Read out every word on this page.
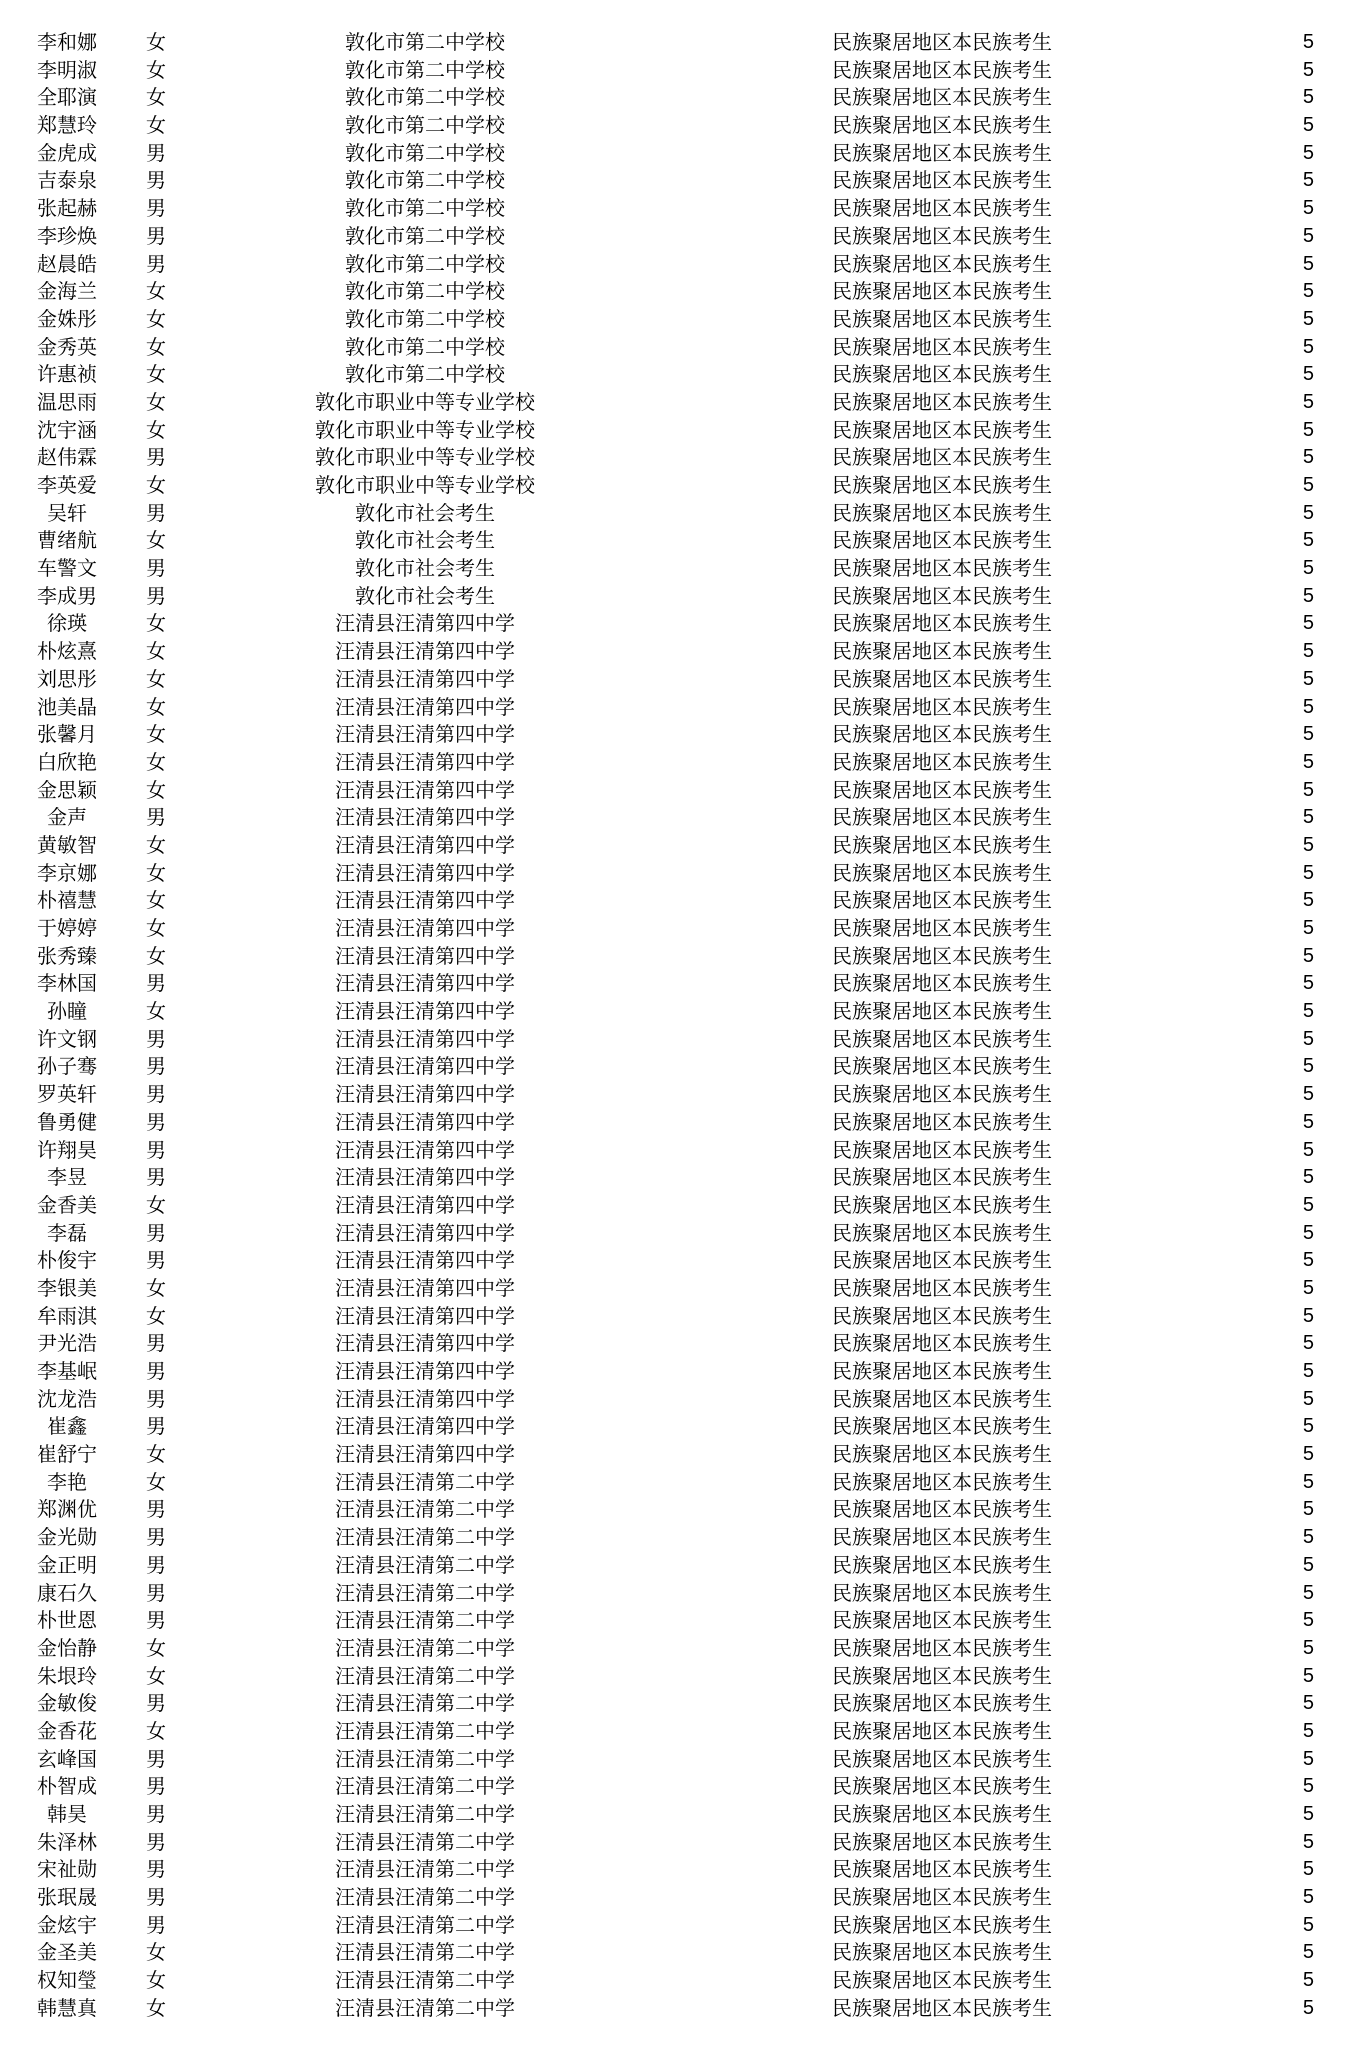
李和娜	女	敦化市第二中学校	民族聚居地区本民族考生	5
李明淑	女	敦化市第二中学校	民族聚居地区本民族考生	5
全耶演	女	敦化市第二中学校	民族聚居地区本民族考生	5
郑慧玲	女	敦化市第二中学校	民族聚居地区本民族考生	5
金虎成	男	敦化市第二中学校	民族聚居地区本民族考生	5
吉泰泉	男	敦化市第二中学校	民族聚居地区本民族考生	5
张起赫	男	敦化市第二中学校	民族聚居地区本民族考生	5
李珍焕	男	敦化市第二中学校	民族聚居地区本民族考生	5
赵晨皓	男	敦化市第二中学校	民族聚居地区本民族考生	5
金海兰	女	敦化市第二中学校	民族聚居地区本民族考生	5
金姝彤	女	敦化市第二中学校	民族聚居地区本民族考生	5
金秀英	女	敦化市第二中学校	民族聚居地区本民族考生	5
许惠祯	女	敦化市第二中学校	民族聚居地区本民族考生	5
温思雨	女	敦化市职业中等专业学校	民族聚居地区本民族考生	5
沈宇涵	女	敦化市职业中等专业学校	民族聚居地区本民族考生	5
赵伟霖	男	敦化市职业中等专业学校	民族聚居地区本民族考生	5
李英爱	女	敦化市职业中等专业学校	民族聚居地区本民族考生	5
吴轩	男	敦化市社会考生	民族聚居地区本民族考生	5
曹绪航	女	敦化市社会考生	民族聚居地区本民族考生	5
车警文	男	敦化市社会考生	民族聚居地区本民族考生	5
李成男	男	敦化市社会考生	民族聚居地区本民族考生	5
徐瑛	女	汪清县汪清第四中学	民族聚居地区本民族考生	5
朴炫熹	女	汪清县汪清第四中学	民族聚居地区本民族考生	5
刘思彤	女	汪清县汪清第四中学	民族聚居地区本民族考生	5
池美晶	女	汪清县汪清第四中学	民族聚居地区本民族考生	5
张馨月	女	汪清县汪清第四中学	民族聚居地区本民族考生	5
白欣艳	女	汪清县汪清第四中学	民族聚居地区本民族考生	5
金思颖	女	汪清县汪清第四中学	民族聚居地区本民族考生	5
金声	男	汪清县汪清第四中学	民族聚居地区本民族考生	5
黄敏智	女	汪清县汪清第四中学	民族聚居地区本民族考生	5
李京娜	女	汪清县汪清第四中学	民族聚居地区本民族考生	5
朴禧慧	女	汪清县汪清第四中学	民族聚居地区本民族考生	5
于婷婷	女	汪清县汪清第四中学	民族聚居地区本民族考生	5
张秀臻	女	汪清县汪清第四中学	民族聚居地区本民族考生	5
李林国	男	汪清县汪清第四中学	民族聚居地区本民族考生	5
孙瞳	女	汪清县汪清第四中学	民族聚居地区本民族考生	5
许文钢	男	汪清县汪清第四中学	民族聚居地区本民族考生	5
孙子骞	男	汪清县汪清第四中学	民族聚居地区本民族考生	5
罗英轩	男	汪清县汪清第四中学	民族聚居地区本民族考生	5
鲁勇健	男	汪清县汪清第四中学	民族聚居地区本民族考生	5
许翔昊	男	汪清县汪清第四中学	民族聚居地区本民族考生	5
李昱	男	汪清县汪清第四中学	民族聚居地区本民族考生	5
金香美	女	汪清县汪清第四中学	民族聚居地区本民族考生	5
李磊	男	汪清县汪清第四中学	民族聚居地区本民族考生	5
朴俊宇	男	汪清县汪清第四中学	民族聚居地区本民族考生	5
李银美	女	汪清县汪清第四中学	民族聚居地区本民族考生	5
牟雨淇	女	汪清县汪清第四中学	民族聚居地区本民族考生	5
尹光浩	男	汪清县汪清第四中学	民族聚居地区本民族考生	5
李基岷	男	汪清县汪清第四中学	民族聚居地区本民族考生	5
沈龙浩	男	汪清县汪清第四中学	民族聚居地区本民族考生	5
崔鑫	男	汪清县汪清第四中学	民族聚居地区本民族考生	5
崔舒宁	女	汪清县汪清第四中学	民族聚居地区本民族考生	5
李艳	女	汪清县汪清第二中学	民族聚居地区本民族考生	5
郑渊优	男	汪清县汪清第二中学	民族聚居地区本民族考生	5
金光勋	男	汪清县汪清第二中学	民族聚居地区本民族考生	5
金正明	男	汪清县汪清第二中学	民族聚居地区本民族考生	5
康石久	男	汪清县汪清第二中学	民族聚居地区本民族考生	5
朴世恩	男	汪清县汪清第二中学	民族聚居地区本民族考生	5
金怡静	女	汪清县汪清第二中学	民族聚居地区本民族考生	5
朱垠玲	女	汪清县汪清第二中学	民族聚居地区本民族考生	5
金敏俊	男	汪清县汪清第二中学	民族聚居地区本民族考生	5
金香花	女	汪清县汪清第二中学	民族聚居地区本民族考生	5
玄峰国	男	汪清县汪清第二中学	民族聚居地区本民族考生	5
朴智成	男	汪清县汪清第二中学	民族聚居地区本民族考生	5
韩昊	男	汪清县汪清第二中学	民族聚居地区本民族考生	5
朱泽林	男	汪清县汪清第二中学	民族聚居地区本民族考生	5
宋祉勋	男	汪清县汪清第二中学	民族聚居地区本民族考生	5
张珉晟	男	汪清县汪清第二中学	民族聚居地区本民族考生	5
金炫宇	男	汪清县汪清第二中学	民族聚居地区本民族考生	5
金圣美	女	汪清县汪清第二中学	民族聚居地区本民族考生	5
权知瑩	女	汪清县汪清第二中学	民族聚居地区本民族考生	5
韩慧真	女	汪清县汪清第二中学	民族聚居地区本民族考生	5
